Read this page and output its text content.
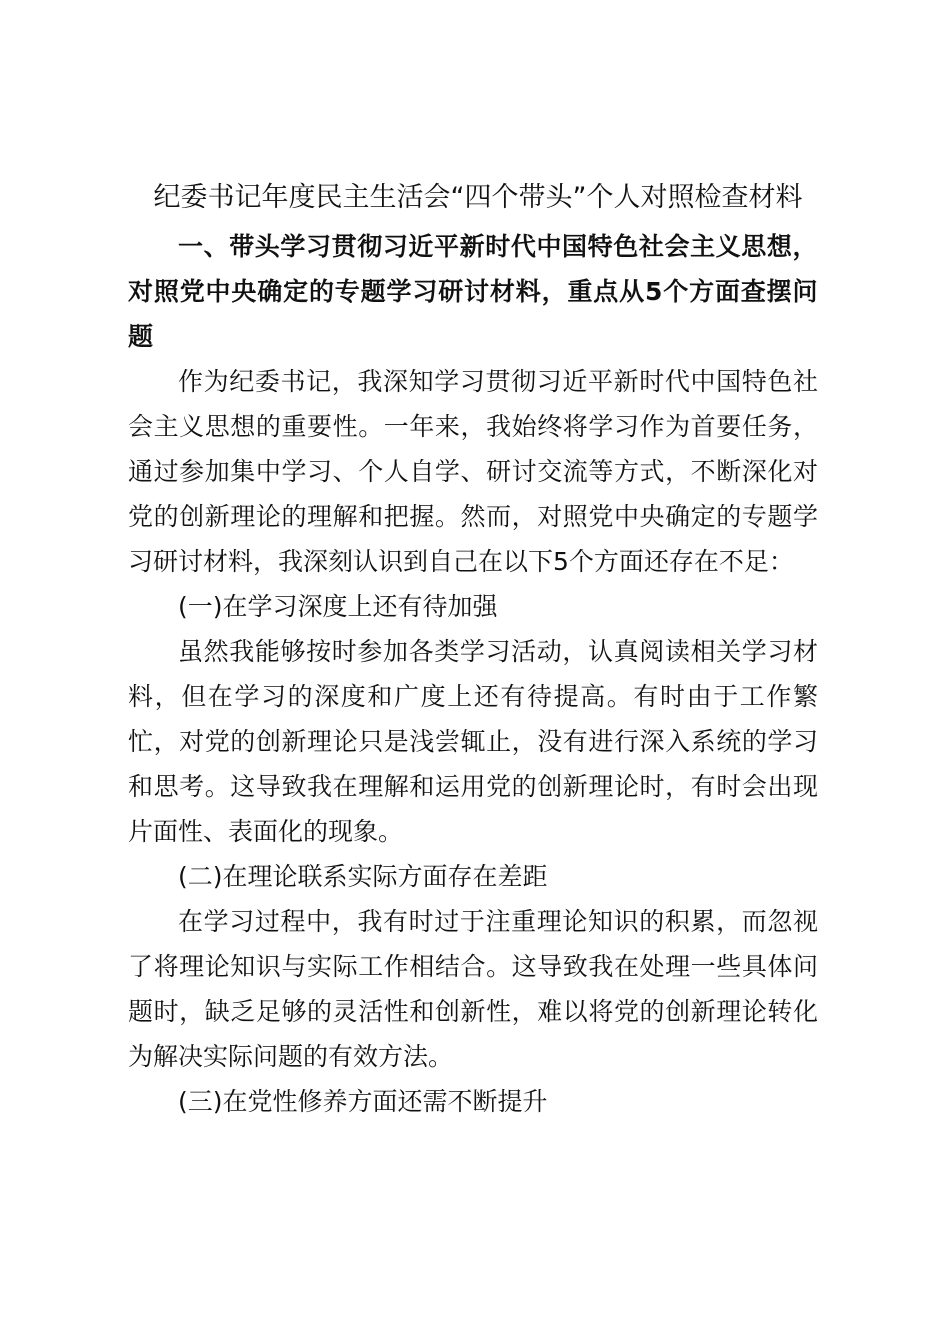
纪委书记年度民主生活会“四个带头”个人对照检查材料

一、带头学习贯彻习近平新时代中国特色社会主义思想，对照党中央确定的专题学习研讨材料，重点从5个方面查摆问题

作为纪委书记，我深知学习贯彻习近平新时代中国特色社会主义思想的重要性。一年来，我始终将学习作为首要任务，通过参加集中学习、个人自学、研讨交流等方式，不断深化对党的创新理论的理解和把握。然而，对照党中央确定的专题学习研讨材料，我深刻认识到自己在以下5个方面还存在不足：

(一)在学习深度上还有待加强

虽然我能够按时参加各类学习活动，认真阅读相关学习材料，但在学习的深度和广度上还有待提高。有时由于工作繁忙，对党的创新理论只是浅尝辄止，没有进行深入系统的学习和思考。这导致我在理解和运用党的创新理论时，有时会出现片面性、表面化的现象。

(二)在理论联系实际方面存在差距

在学习过程中，我有时过于注重理论知识的积累，而忽视了将理论知识与实际工作相结合。这导致我在处理一些具体问题时，缺乏足够的灵活性和创新性，难以将党的创新理论转化为解决实际问题的有效方法。

(三)在党性修养方面还需不断提升
